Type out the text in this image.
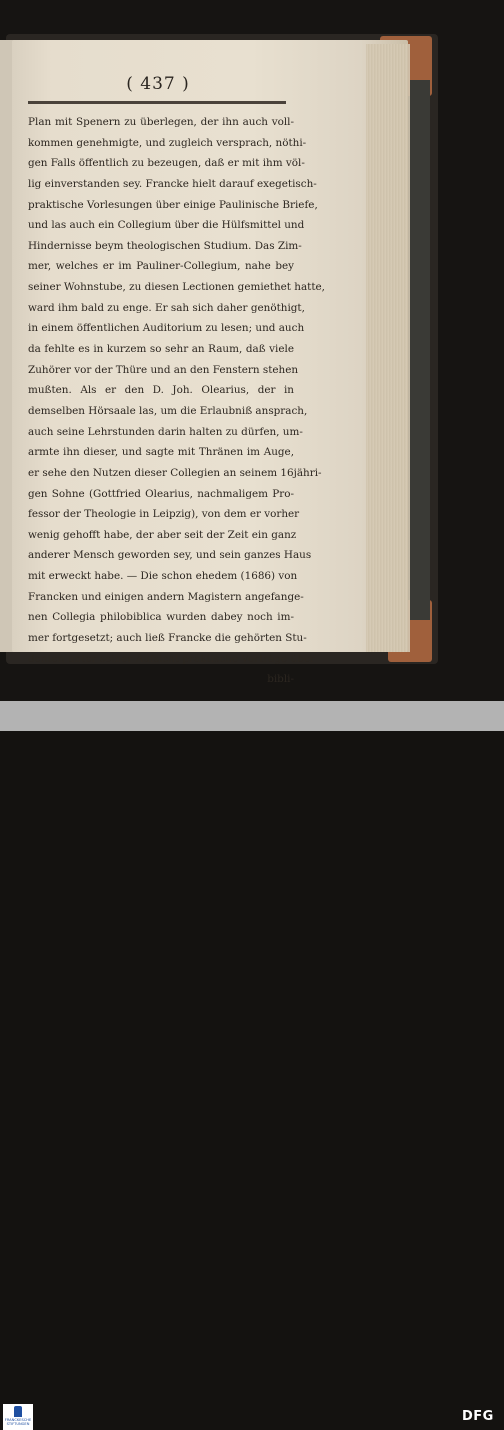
( 437 )
Plan mit Spenern zu überlegen, der ihn auch voll-
kommen genehmigte, und zugleich versprach, nöthi-
gen Falls öffentlich zu bezeugen, daß er mit ihm völ-
lig einverstanden sey. Francke hielt darauf exegetisch-
praktische Vorlesungen über einige Paulinische Briefe,
und las auch ein Collegium über die Hülfsmittel und
Hindernisse beym theologischen Studium. Das Zim-
mer, welches er im Pauliner-Collegium, nahe bey
seiner Wohnstube, zu diesen Lectionen gemiethet hatte,
ward ihm bald zu enge. Er sah sich daher genöthigt,
in einem öffentlichen Auditorium zu lesen; und auch
da fehlte es in kurzem so sehr an Raum, daß viele
Zuhörer vor der Thüre und an den Fenstern stehen
mußten. Als er den D. Joh. Olearius, der in
demselben Hörsaale las, um die Erlaubniß ansprach,
auch seine Lehrstunden darin halten zu dürfen, um-
armte ihn dieser, und sagte mit Thränen im Auge,
er sehe den Nutzen dieser Collegien an seinem 16jähri-
gen Sohne (Gottfried Olearius, nachmaligem Pro-
fessor der Theologie in Leipzig), von dem er vorher
wenig gehofft habe, der aber seit der Zeit ein ganz
anderer Mensch geworden sey, und sein ganzes Haus
mit erweckt habe. — Die schon ehedem (1686) von
Francken und einigen andern Magistern angefange-
nen Collegia philobiblica wurden dabey noch im-
mer fortgesetzt; auch ließ Francke die gehörten Stu-
denten unter seiner Aufsicht praktische Vorträge über
bibli-
FRANCKESCHE STIFTUNGEN	DFG
